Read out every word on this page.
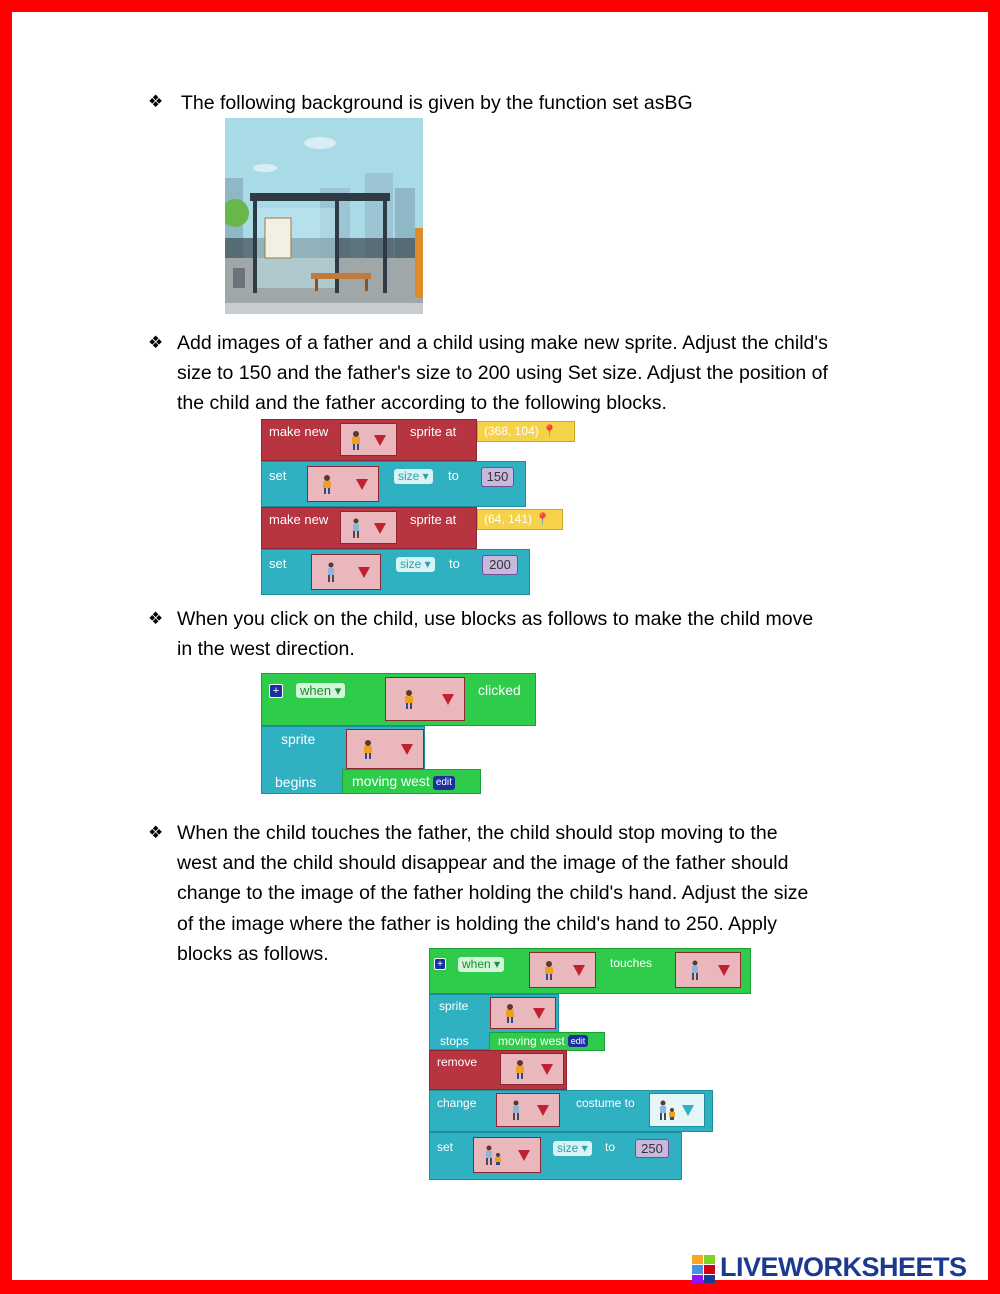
❖ The following background is given by the function set asBG
❖ Add images of a father and a child using make new sprite. Adjust the child's
size to 150 and the father's size to 200 using Set size. Adjust the position of
the child and the father according to the following blocks.
make new	sprite at	(368, 104) 📍
set	size ▾	to	150
make new	sprite at	(64, 141) 📍
set	size ▾	to	200
❖ When you click on the child, use blocks as follows to make the child move
in the west direction.
+	when ▾	clicked
sprite
begins	moving west edit
❖ When the child touches the father, the child should stop moving to the
west and the child should disappear and the image of the father should
change to the image of the father holding the child's hand. Adjust the size
of the image where the father is holding the child's hand to 250. Apply
blocks as follows.	+	when ▾	touches
sprite
stops	moving west edit
remove
change	costume to
set	size ▾	to	250
LIVEWORKSHEETS
